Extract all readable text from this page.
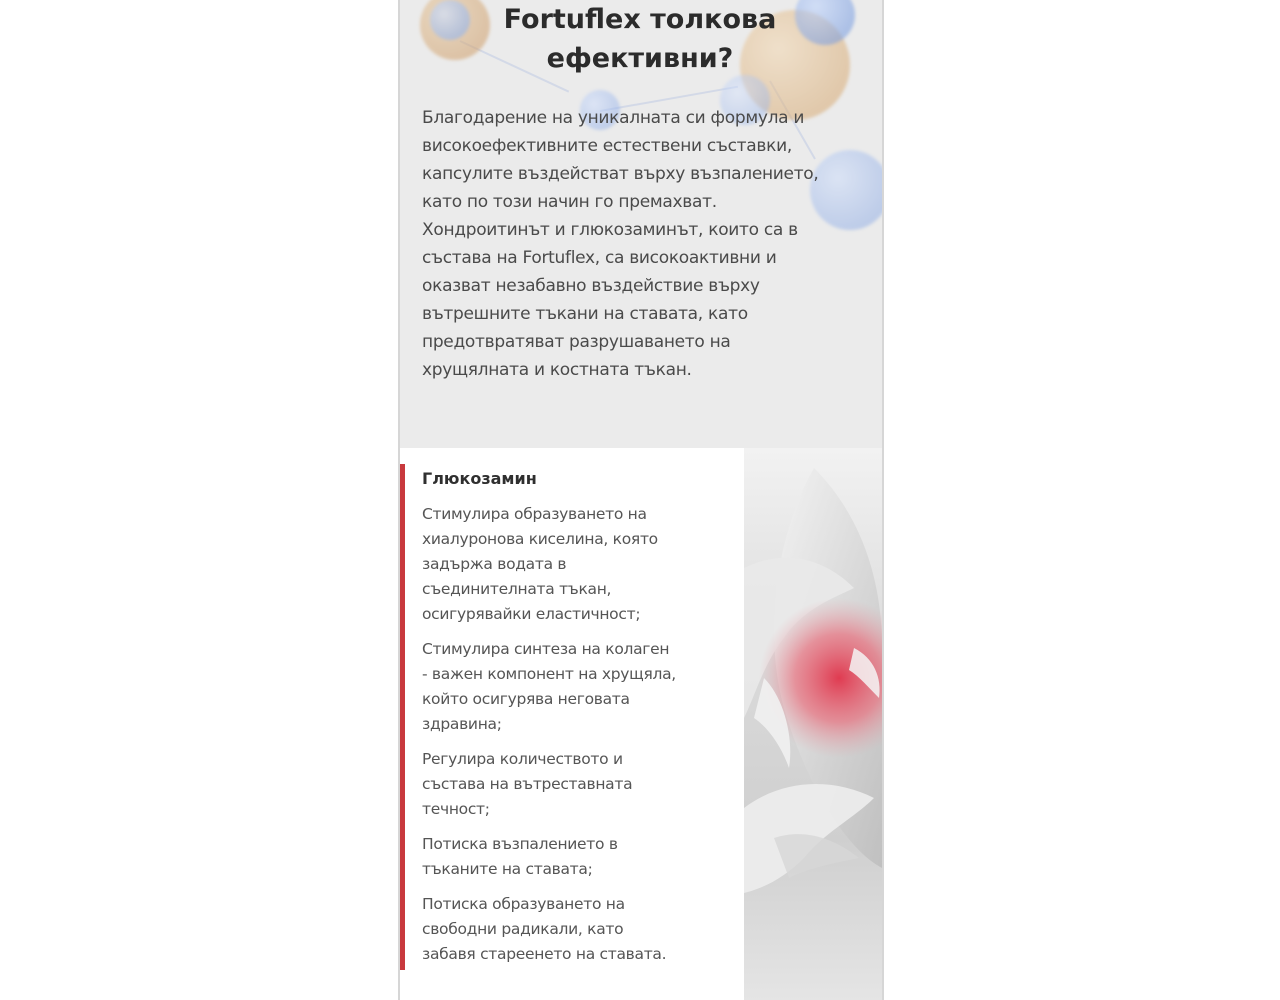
Fortuflex толкова
ефективни?

Благодарение на уникалната си формула и
високоефективните естествени съставки,
капсулите въздействат върху възпалението,
като по този начин го премахват.
Хондроитинът и глюкозаминът, които са в
състава на Fortuflex, са високоактивни и
оказват незабавно въздействие върху
вътрешните тъкани на ставата, като
предотвратяват разрушаването на
хрущялната и костната тъкан.

Глюкозамин
Стимулира образуването на
хиалуронова киселина, която
задържа водата в
съединителната тъкан,
осигурявайки еластичност;
Стимулира синтеза на колаген
- важен компонент на хрущяла,
който осигурява неговата
здравина;
Регулира количеството и
състава на вътреставната
течност;
Потиска възпалението в
тъканите на ставата;
Потиска образуването на
свободни радикали, като
забавя стареенето на ставата.
